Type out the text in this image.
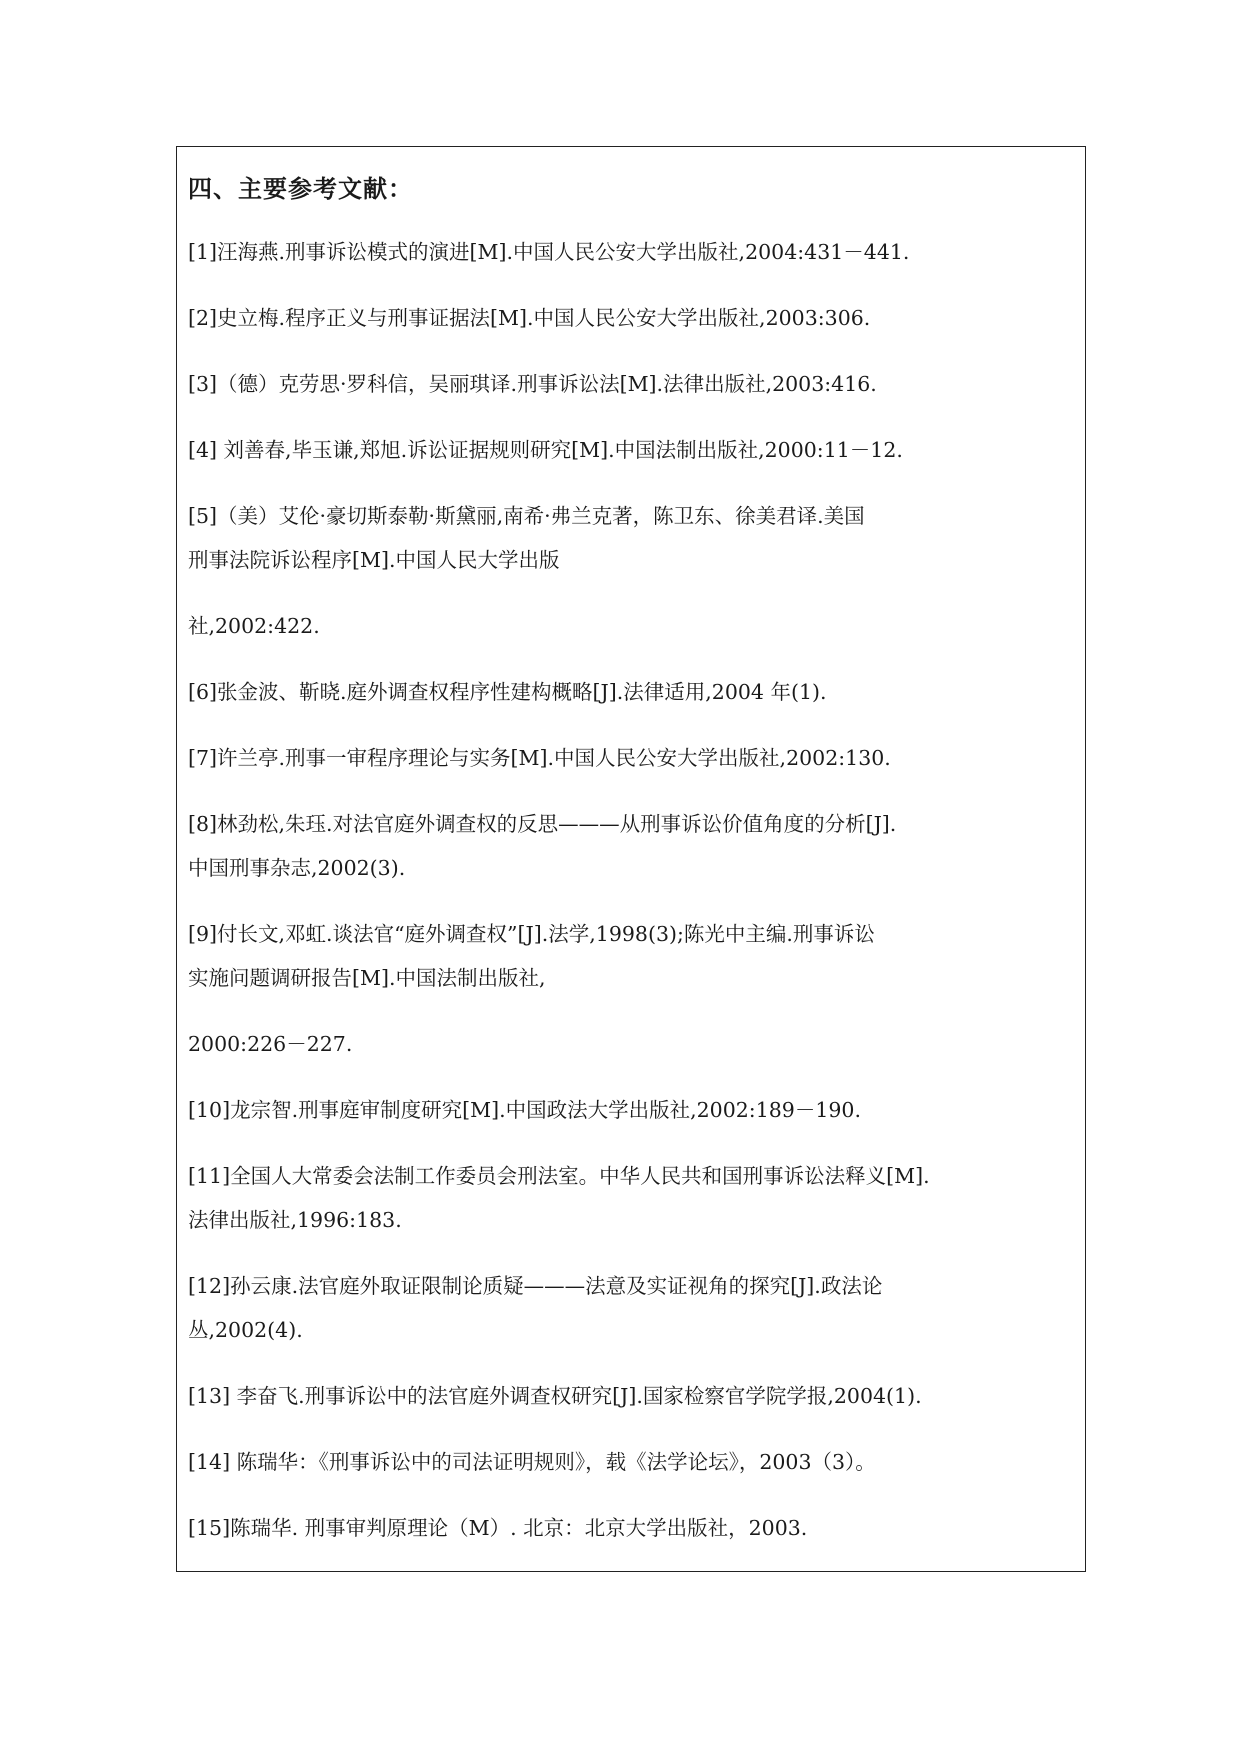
四、主要参考文献：

[1]汪海燕.刑事诉讼模式的演进[M].中国人民公安大学出版社,2004:431－441.

[2]史立梅.程序正义与刑事证据法[M].中国人民公安大学出版社,2003:306.

[3]（德）克劳思·罗科信，吴丽琪译.刑事诉讼法[M].法律出版社,2003:416.

[4] 刘善春,毕玉谦,郑旭.诉讼证据规则研究[M].中国法制出版社,2000:11－12.

[5]（美）艾伦·豪切斯泰勒·斯黛丽,南希·弗兰克著，陈卫东、徐美君译.美国

刑事法院诉讼程序[M].中国人民大学出版

社,2002:422.

[6]张金波、靳晓.庭外调查权程序性建构概略[J].法律适用,2004 年(1).

[7]许兰亭.刑事一审程序理论与实务[M].中国人民公安大学出版社,2002:130.

[8]林劲松,朱珏.对法官庭外调查权的反思———从刑事诉讼价值角度的分析[J].

中国刑事杂志,2002(3).

[9]付长文,邓虹.谈法官“庭外调查权”[J].法学,1998(3);陈光中主编.刑事诉讼

实施问题调研报告[M].中国法制出版社,

2000:226－227.

[10]龙宗智.刑事庭审制度研究[M].中国政法大学出版社,2002:189－190.

[11]全国人大常委会法制工作委员会刑法室。中华人民共和国刑事诉讼法释义[M].

法律出版社,1996:183.

[12]孙云康.法官庭外取证限制论质疑———法意及实证视角的探究[J].政法论

丛,2002(4).

[13] 李奋飞.刑事诉讼中的法官庭外调查权研究[J].国家检察官学院学报,2004(1).

[14] 陈瑞华：《刑事诉讼中的司法证明规则》，载《法学论坛》，2003（3）。

[15]陈瑞华. 刑事审判原理论（M）. 北京：北京大学出版社，2003.
